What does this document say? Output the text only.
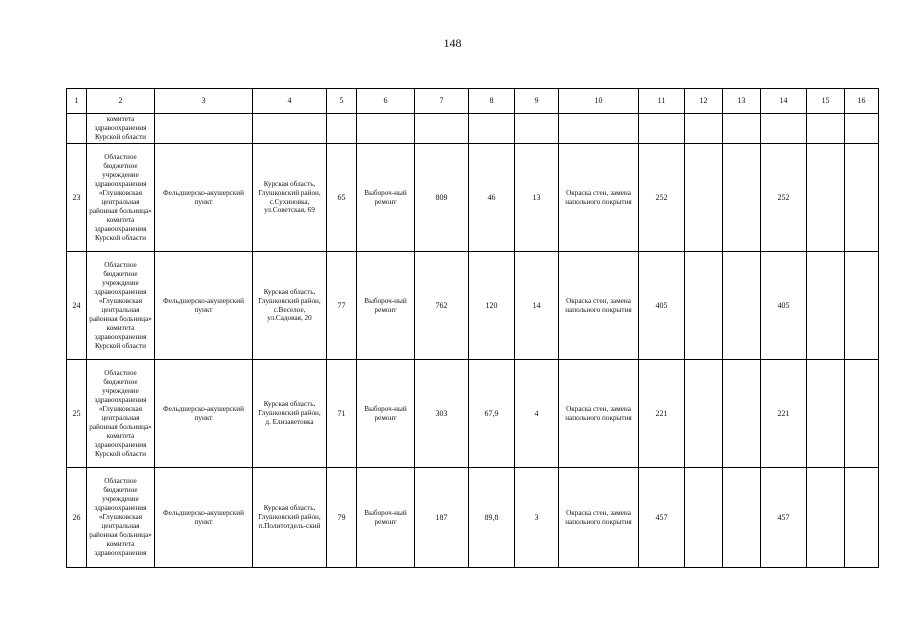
148
1	2	3	4	5	6	7	8	9	10	11	12	13	14	15	16
	комитета здравоохранения Курской области														
23	Областное бюджетное учреждение здравоохранения «Глушковская центральная районная больница» комитета здравоохранения Курской области	Фельдшерско-акушерский пункт	Курская область, Глушковский район, с.Сухиновка, ул.Советская, 69	65	Выбороч-ный ремонт	809	46	13	Окраска стен, замена напольного покрытия	252			252		
24	Областное бюджетное учреждение здравоохранения «Глушковская центральная районная больница» комитета здравоохранения Курской области	Фельдшерско-акушерский пункт	Курская область, Глушковский район, с.Веселое, ул.Садовая, 20	77	Выбороч-ный ремонт	762	120	14	Окраска стен, замена напольного покрытия	405			405		
25	Областное бюджетное учреждение здравоохранения «Глушковская центральная районная больница» комитета здравоохранения Курской области	Фельдшерско-акушерский пункт	Курская область, Глушковский район, д. Елизаветовка	71	Выбороч-ный ремонт	303	67,9	4	Окраска стен, замена напольного покрытия	221			221		
26	Областное бюджетное учреждение здравоохранения «Глушковская центральная районная больница» комитета здравоохранения	Фельдшерско-акушерский пункт	Курская область, Глушковский район, п.Политотдель-ский	79	Выбороч-ный ремонт	187	89,8	3	Окраска стен, замена напольного покрытия	457			457		
